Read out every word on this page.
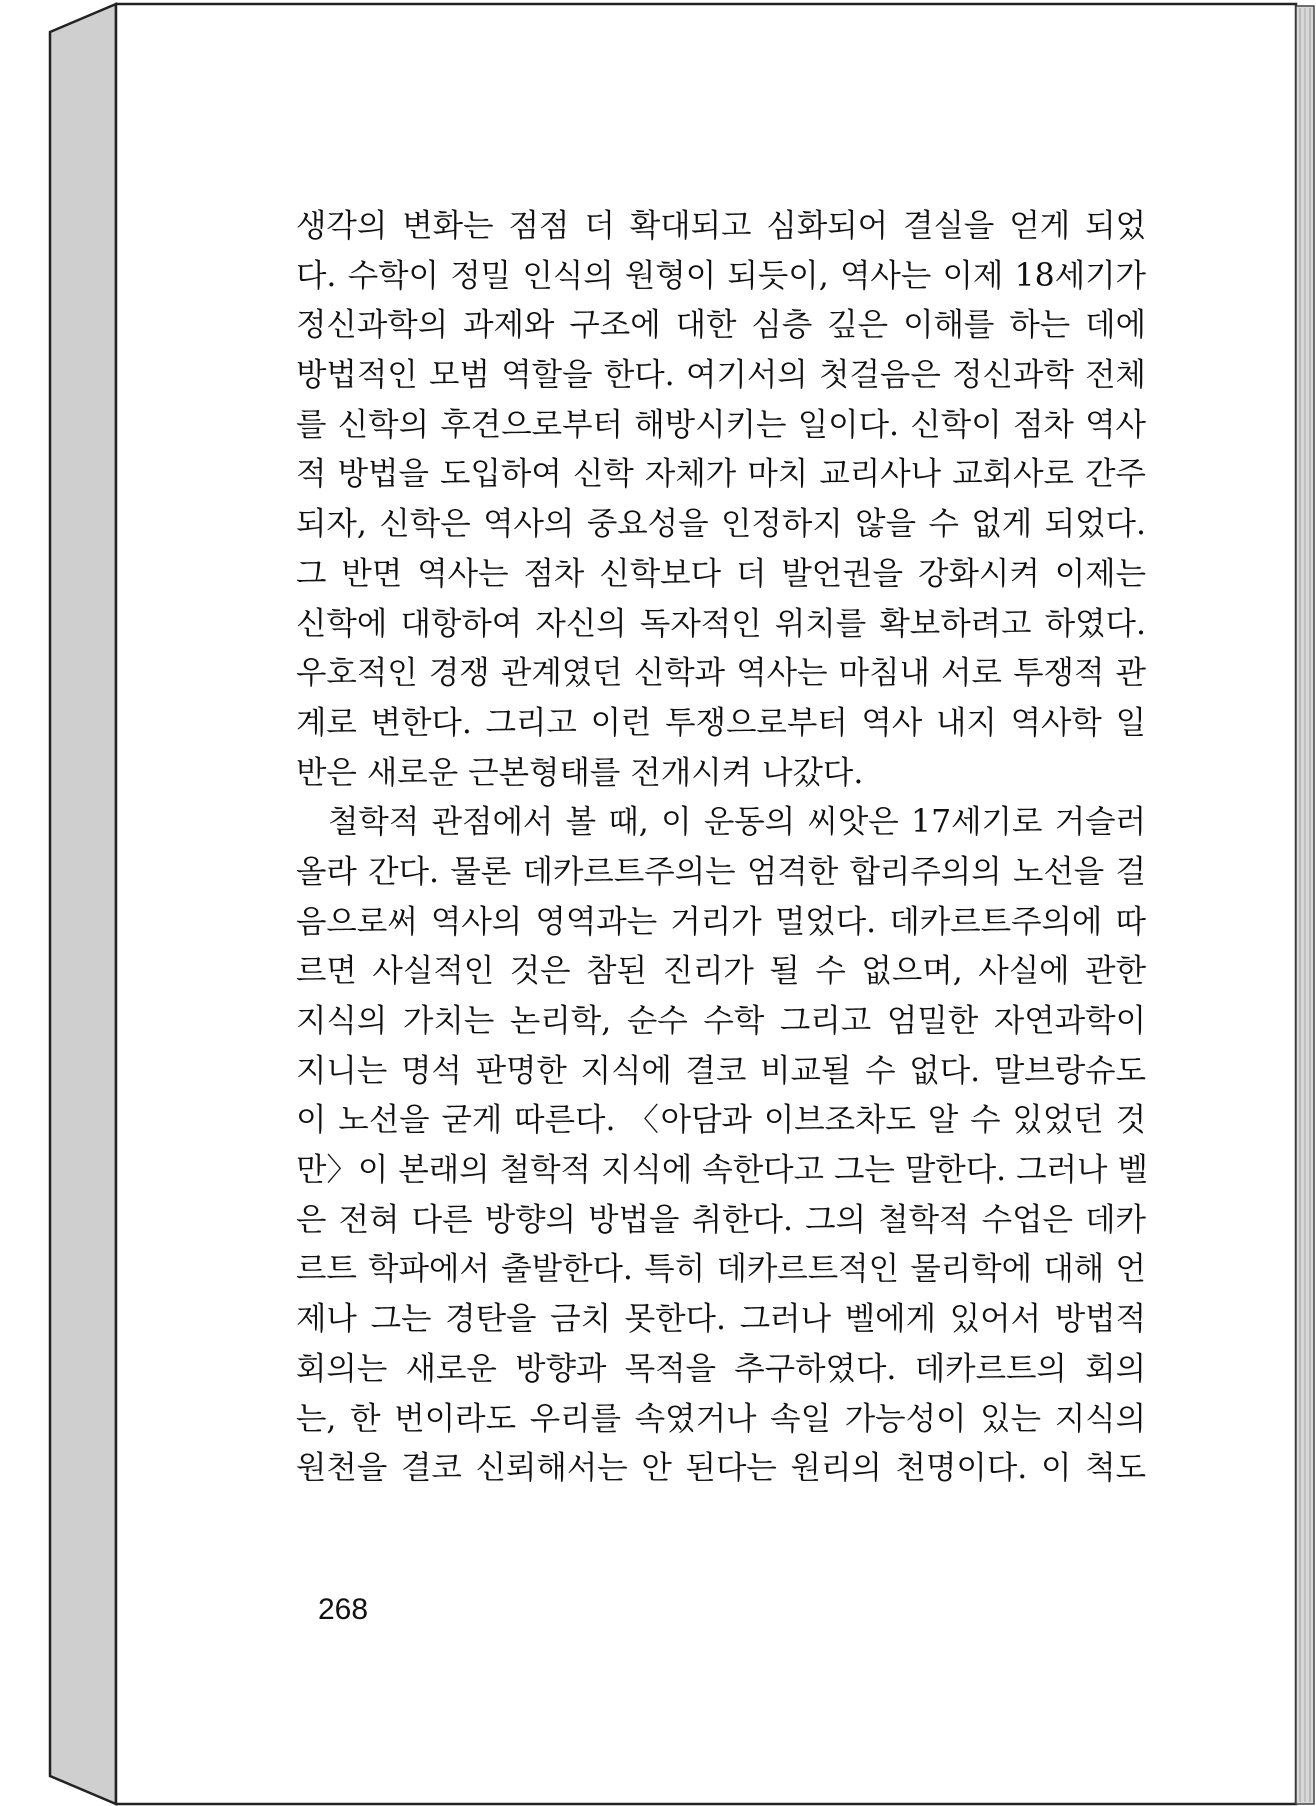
생각의 변화는 점점 더 확대되고 심화되어 결실을 얻게 되었
다. 수학이 정밀 인식의 원형이 되듯이, 역사는 이제 18세기가
정신과학의 과제와 구조에 대한 심층 깊은 이해를 하는 데에
방법적인 모범 역할을 한다. 여기서의 첫걸음은 정신과학 전체
를 신학의 후견으로부터 해방시키는 일이다. 신학이 점차 역사
적 방법을 도입하여 신학 자체가 마치 교리사나 교회사로 간주
되자, 신학은 역사의 중요성을 인정하지 않을 수 없게 되었다.
그 반면 역사는 점차 신학보다 더 발언권을 강화시켜 이제는
신학에 대항하여 자신의 독자적인 위치를 확보하려고 하였다.
우호적인 경쟁 관계였던 신학과 역사는 마침내 서로 투쟁적 관
계로 변한다. 그리고 이런 투쟁으로부터 역사 내지 역사학 일
반은 새로운 근본형태를 전개시켜 나갔다.
철학적 관점에서 볼 때, 이 운동의 씨앗은 17세기로 거슬러
올라 간다. 물론 데카르트주의는 엄격한 합리주의의 노선을 걸
음으로써 역사의 영역과는 거리가 멀었다. 데카르트주의에 따
르면 사실적인 것은 참된 진리가 될 수 없으며, 사실에 관한
지식의 가치는 논리학, 순수 수학 그리고 엄밀한 자연과학이
지니는 명석 판명한 지식에 결코 비교될 수 없다. 말브랑슈도
이 노선을 굳게 따른다. 〈아담과 이브조차도 알 수 있었던 것
만〉이 본래의 철학적 지식에 속한다고 그는 말한다. 그러나 벨
은 전혀 다른 방향의 방법을 취한다. 그의 철학적 수업은 데카
르트 학파에서 출발한다. 특히 데카르트적인 물리학에 대해 언
제나 그는 경탄을 금치 못한다. 그러나 벨에게 있어서 방법적
회의는 새로운 방향과 목적을 추구하였다. 데카르트의 회의
는, 한 번이라도 우리를 속였거나 속일 가능성이 있는 지식의
원천을 결코 신뢰해서는 안 된다는 원리의 천명이다. 이 척도
268
